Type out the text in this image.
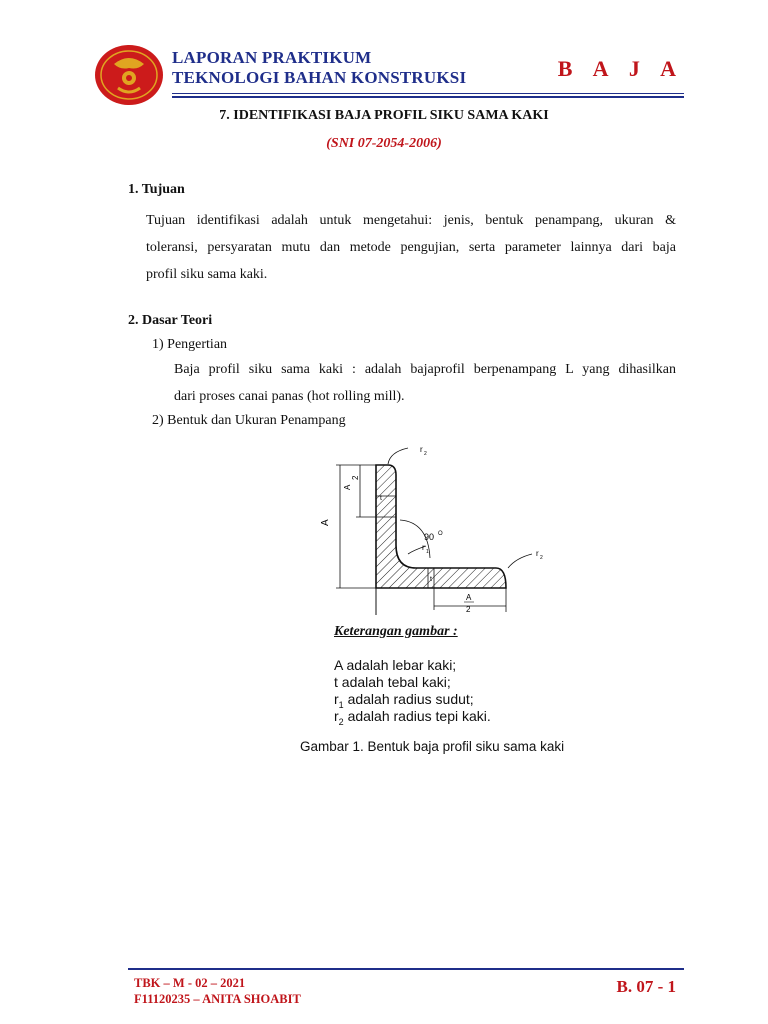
LAPORAN PRAKTIKUM
TEKNOLOGI BAHAN KONSTRUKSI	B A J A
7. IDENTIFIKASI BAJA PROFIL SIKU SAMA KAKI
(SNI 07-2054-2006)
1. Tujuan
Tujuan identifikasi adalah untuk mengetahui: jenis, bentuk penampang, ukuran &
toleransi, persyaratan mutu dan metode pengujian, serta parameter lainnya dari baja
profil siku sama kaki.
2. Dasar Teori
1) Pengertian
Baja profil siku sama kaki : adalah bajaprofil berpenampang L yang dihasilkan
dari proses canai panas (hot rolling mill).
2) Bentuk dan Ukuran Penampang
A
A
2
t
90 O
r 1
r 2
r 2
t
A
2
Keterangan gambar :
A adalah lebar kaki;
t adalah tebal kaki;
$r_1$ adalah radius sudut;
$r_2$ adalah radius tepi kaki.
Gambar 1. Bentuk baja profil siku sama kaki
TBK – M - 02 – 2021
F11120235 – ANITA SHOABIT
B. 07 - 1
